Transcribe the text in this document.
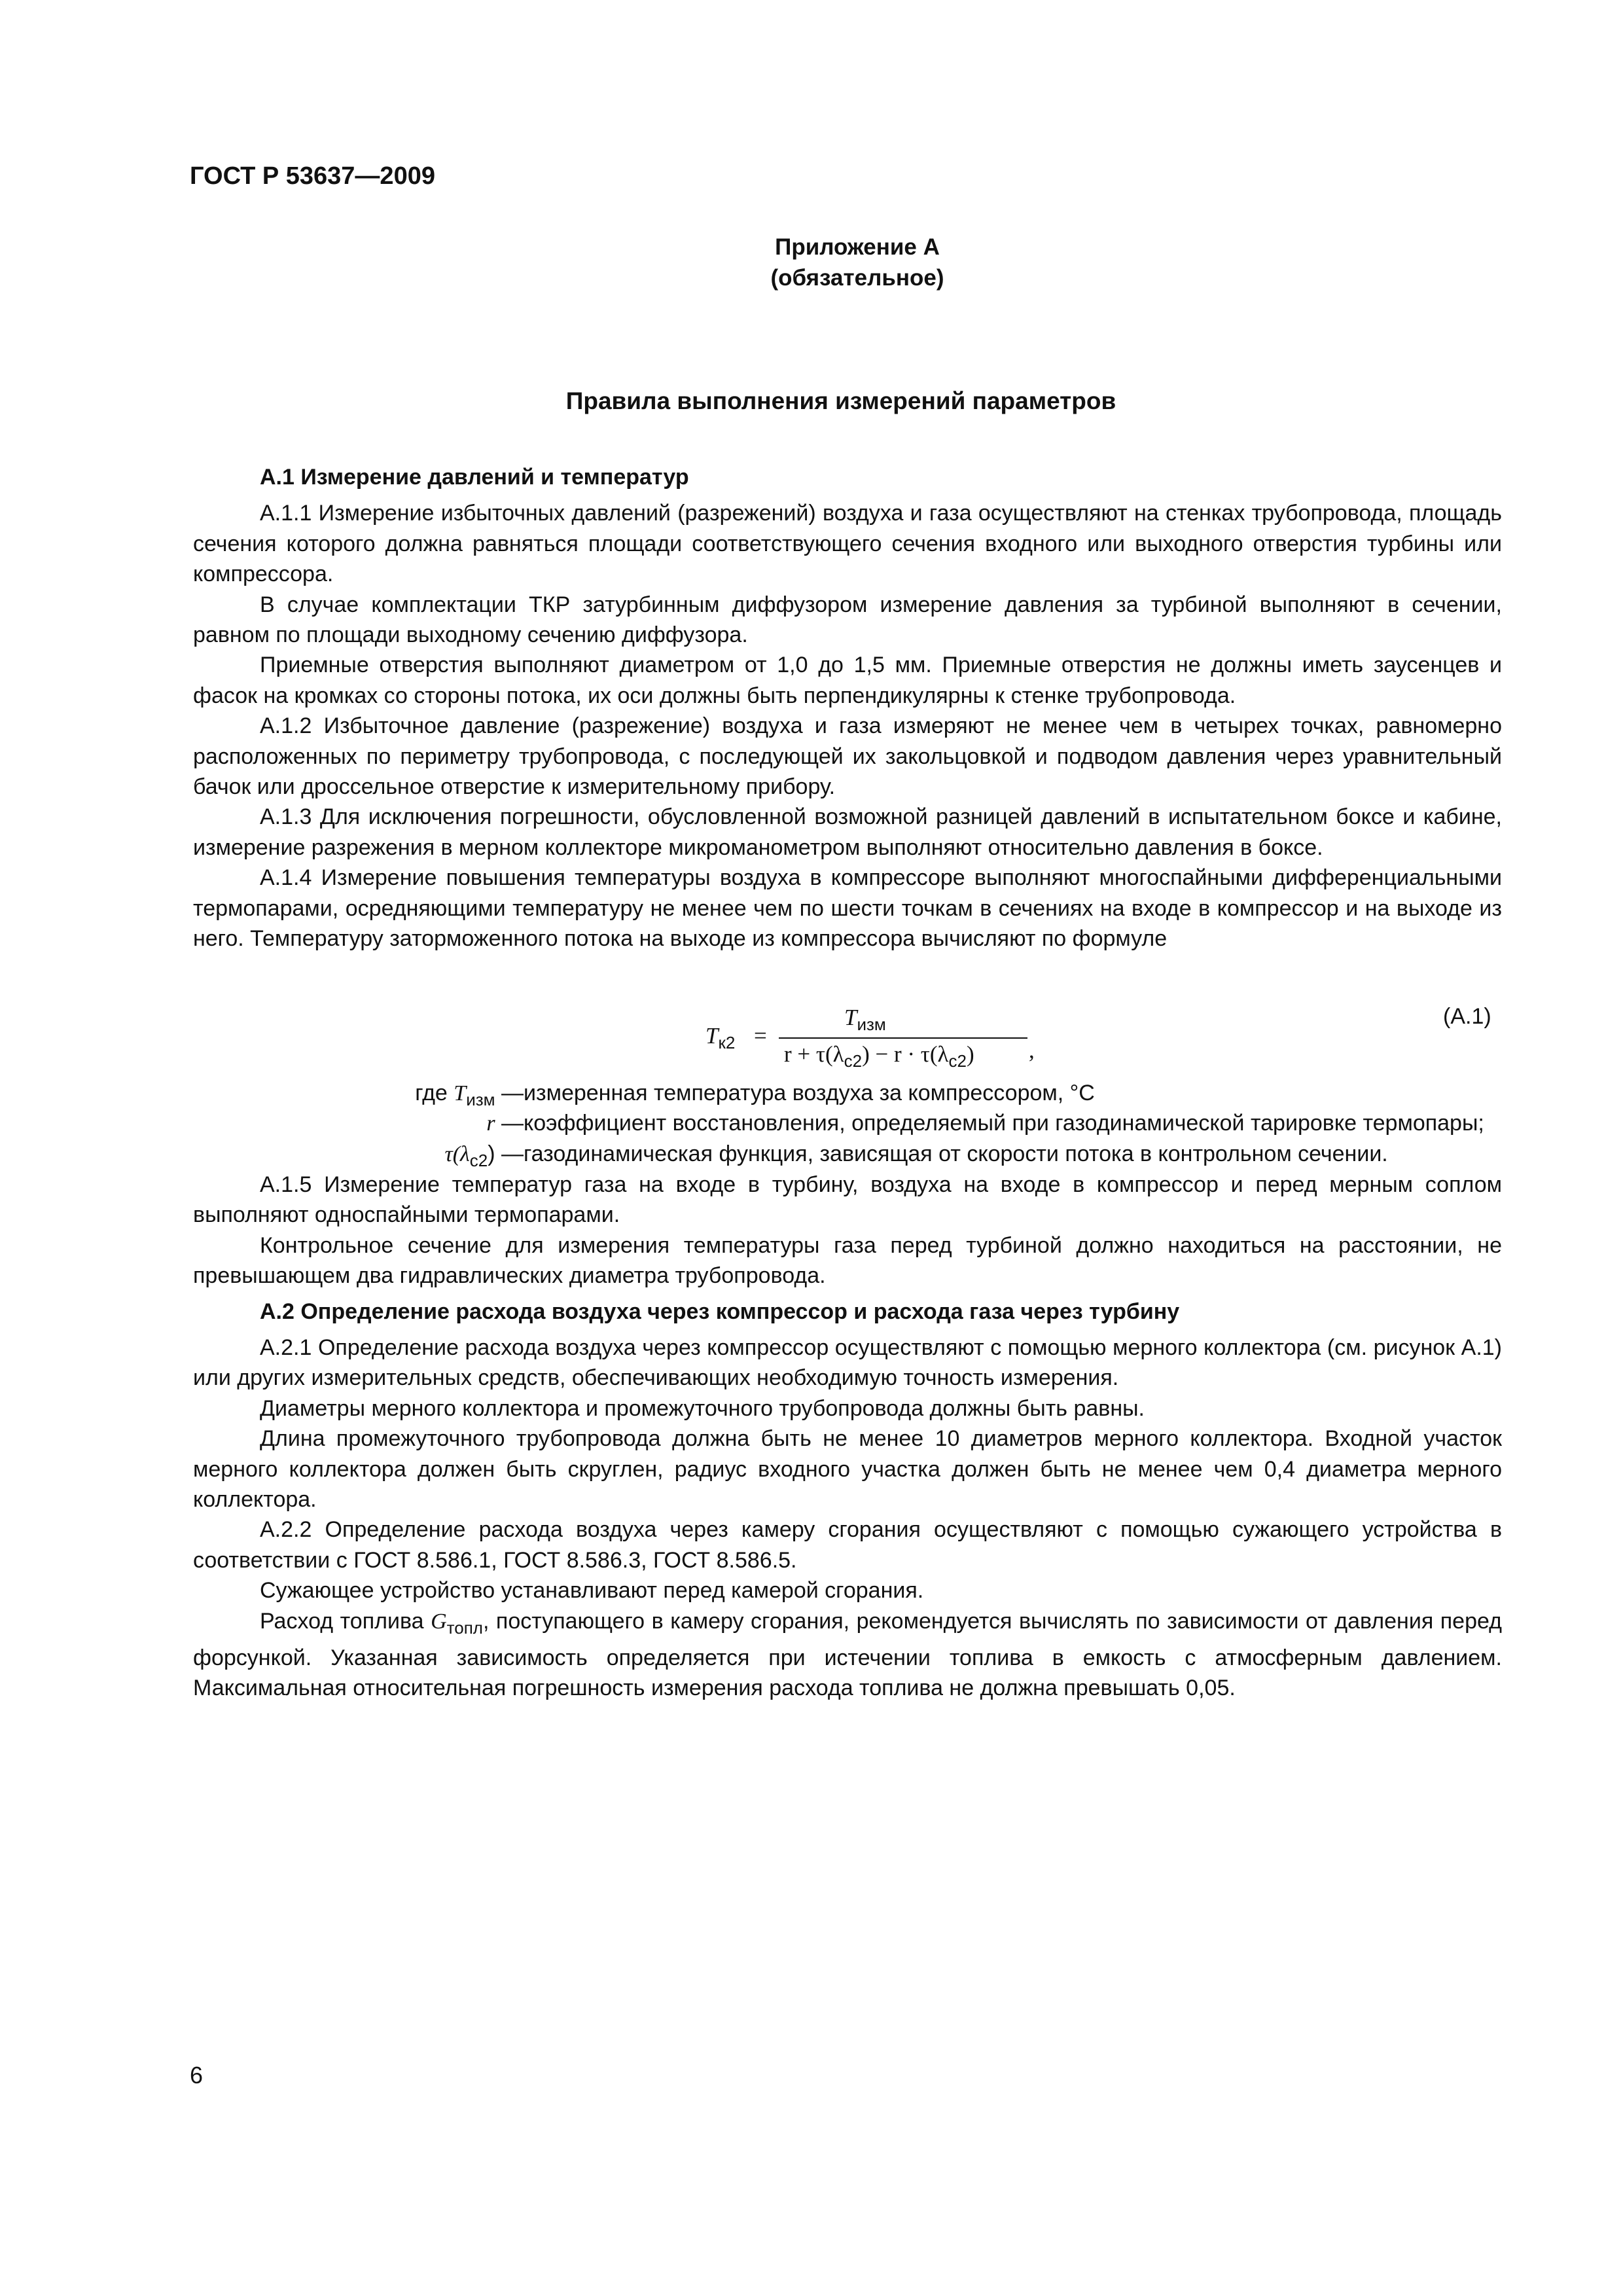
ГОСТ Р 53637—2009
Приложение А
(обязательное)
Правила выполнения измерений параметров
А.1 Измерение давлений и температур

А.1.1 Измерение избыточных давлений (разрежений) воздуха и газа осуществляют на стенках трубопровода, площадь сечения которого должна равняться площади соответствующего сечения входного или выходного отверстия турбины или компрессора.

В случае комплектации ТКР затурбинным диффузором измерение давления за турбиной выполняют в сечении, равном по площади выходному сечению диффузора.

Приемные отверстия выполняют диаметром от 1,0 до 1,5 мм. Приемные отверстия не должны иметь заусенцев и фасок на кромках со стороны потока, их оси должны быть перпендикулярны к стенке трубопровода.

А.1.2 Избыточное давление (разрежение) воздуха и газа измеряют не менее чем в четырех точках, равномерно расположенных по периметру трубопровода, с последующей их закольцовкой и подводом давления через уравнительный бачок или дроссельное отверстие к измерительному прибору.

А.1.3 Для исключения погрешности, обусловленной возможной разницей давлений в испытательном боксе и кабине, измерение разрежения в мерном коллекторе микроманометром выполняют относительно давления в боксе.

А.1.4 Измерение повышения температуры воздуха в компрессоре выполняют многоспайными дифференциальными термопарами, осредняющими температуру не менее чем по шести точкам в сечениях на входе в компрессор и на выходе из него. Температуру заторможенного потока на выходе из компрессора вычисляют по формуле

$T_{к2}$ =
$T_{изм}$
$r + \tau(\lambda_{c2}) - r \cdot \tau(\lambda_{c2})$ ,
(А.1)
где $T_{изм}$ — измеренная температура воздуха за компрессором, °С
r — коэффициент восстановления, определяемый при газодинамической тарировке термопары;
$\tau(\lambda_{c2})$ — газодинамическая функция, зависящая от скорости потока в контрольном сечении.

А.1.5 Измерение температур газа на входе в турбину, воздуха на входе в компрессор и перед мерным соплом выполняют односпайными термопарами.

Контрольное сечение для измерения температуры газа перед турбиной должно находиться на расстоянии, не превышающем два гидравлических диаметра трубопровода.

А.2 Определение расхода воздуха через компрессор и расхода газа через турбину

А.2.1 Определение расхода воздуха через компрессор осуществляют с помощью мерного коллектора (см. рисунок А.1) или других измерительных средств, обеспечивающих необходимую точность измерения.

Диаметры мерного коллектора и промежуточного трубопровода должны быть равны.

Длина промежуточного трубопровода должна быть не менее 10 диаметров мерного коллектора. Входной участок мерного коллектора должен быть скруглен, радиус входного участка должен быть не менее чем 0,4 диаметра мерного коллектора.

А.2.2 Определение расхода воздуха через камеру сгорания осуществляют с помощью сужающего устройства в соответствии с ГОСТ 8.586.1, ГОСТ 8.586.3, ГОСТ 8.586.5.

Сужающее устройство устанавливают перед камерой сгорания.

Расход топлива $G_{топл}$, поступающего в камеру сгорания, рекомендуется вычислять по зависимости от давления перед форсункой. Указанная зависимость определяется при истечении топлива в емкость с атмосферным давлением. Максимальная относительная погрешность измерения расхода топлива не должна превышать 0,05.

6
